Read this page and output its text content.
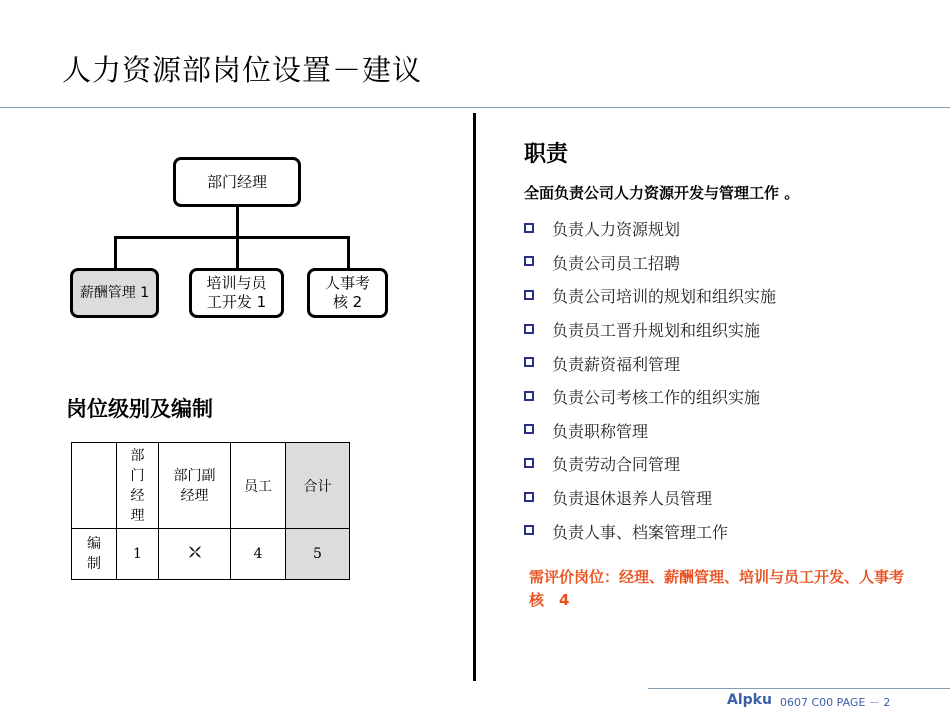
人力资源部岗位设置－建议
部门经理
薪酬管理 1
培训与员工开发 1
人事考核 2
岗位级别及编制
	部门经理	部门副经理	员工	合计
编制	1		4	5
职责
全面负责公司人力资源开发与管理工作 。
负责人力资源规划
负责公司员工招聘
负责公司培训的规划和组织实施
负责员工晋升规划和组织实施
负责薪资福利管理
负责公司考核工作的组织实施
负责职称管理
负责劳动合同管理
负责退休退养人员管理
负责人事、档案管理工作
需评价岗位：经理、薪酬管理、培训与员工开发、人事考核　4
Alpku 0607 C00 PAGE － 2
